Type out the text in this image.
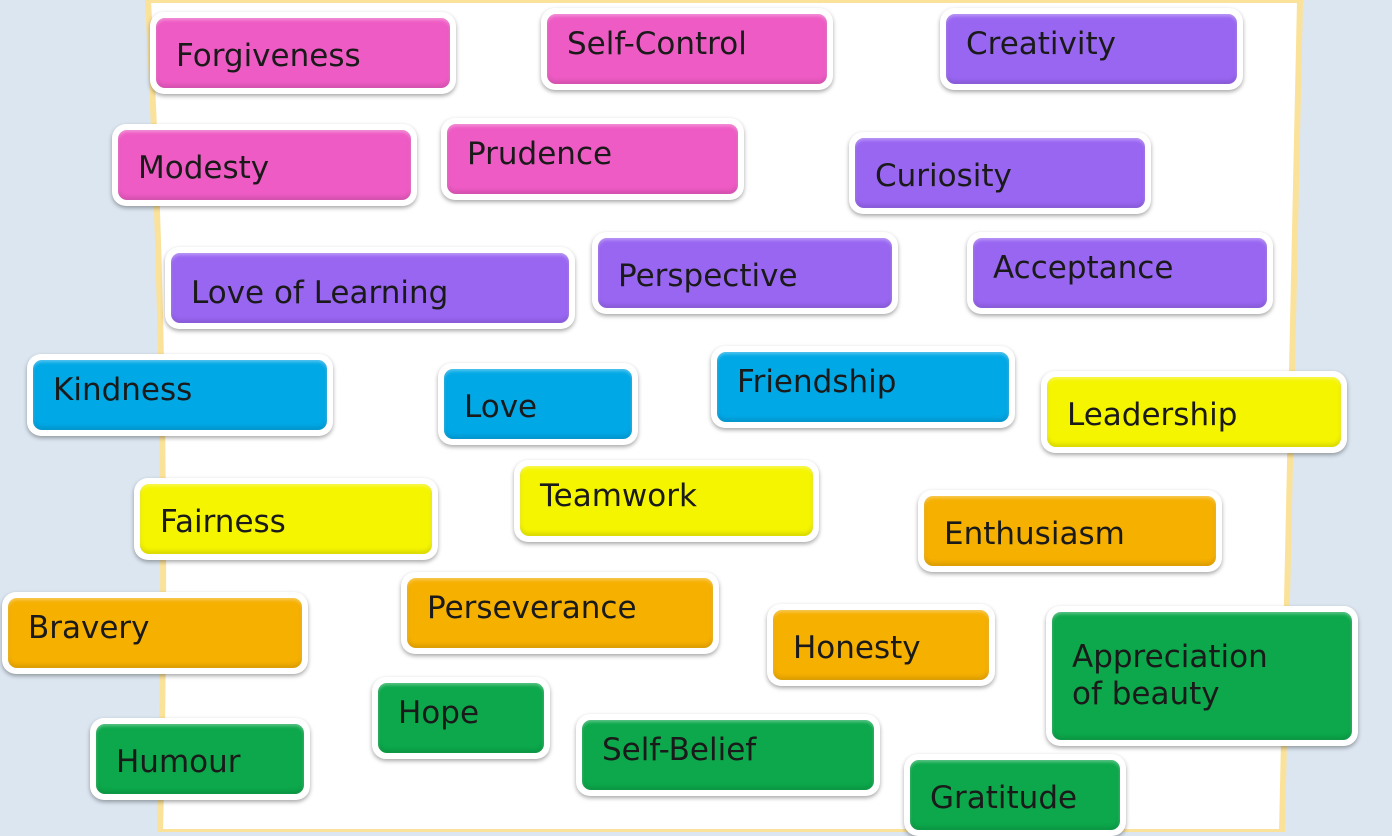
Forgiveness	Self-Control	Creativity
Modesty	Prudence
Curiosity
Love of Learning	Perspective	Acceptance
Kindness	Love
Friendship
Leadership
Fairness
Teamwork
Enthusiasm
Bravery
Perseverance
Honesty	Appreciation of beauty
Hope
Humour	Self-Belief
Gratitude
